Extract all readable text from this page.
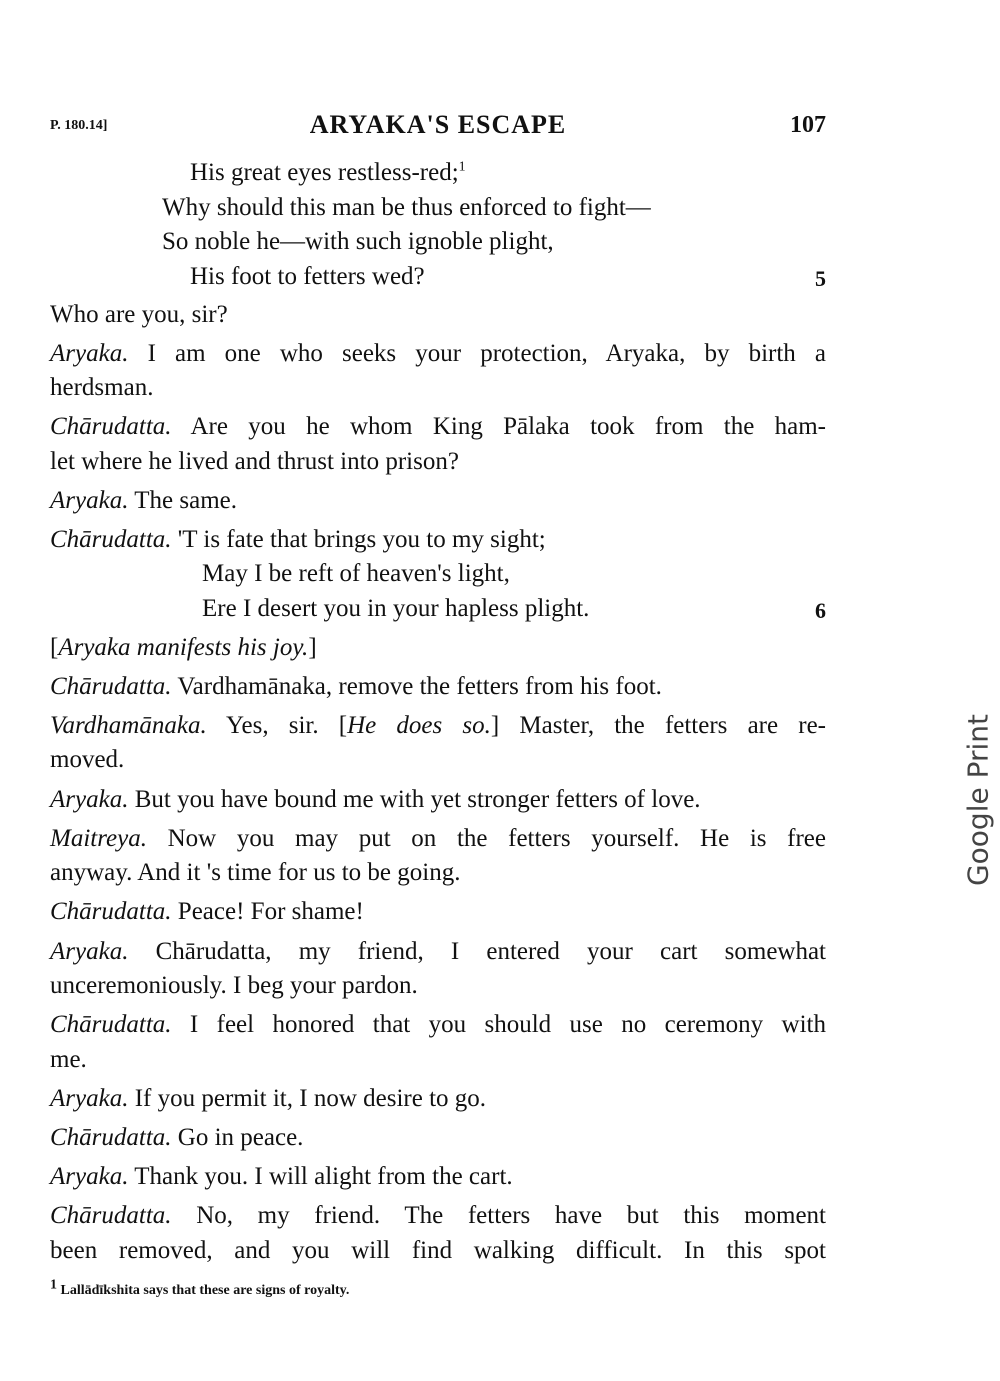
P. 180.14]	ARYAKA'S ESCAPE	107
His great eyes restless-red;$^1$
Why should this man be thus enforced to fight—
So noble he—with such ignoble plight,
His foot to fetters wed?	5
Who are you, sir?
Aryaka. I am one who seeks your protection, Aryaka, by birth a
herdsman.
Chārudatta. Are you he whom King Pālaka took from the ham-
let where he lived and thrust into prison?
Aryaka. The same.
Chārudatta. 'T is fate that brings you to my sight;
May I be reft of heaven's light,
Ere I desert you in your hapless plight.	6
[Aryaka manifests his joy.]
Chārudatta. Vardhamānaka, remove the fetters from his foot.
Vardhamānaka. Yes, sir. [He does so.] Master, the fetters are re-
moved.
Aryaka. But you have bound me with yet stronger fetters of love.
Maitreya. Now you may put on the fetters yourself. He is free
anyway. And it 's time for us to be going.
Chārudatta. Peace! For shame!
Aryaka. Chārudatta, my friend, I entered your cart somewhat
unceremoniously. I beg your pardon.
Chārudatta. I feel honored that you should use no ceremony with
me.
Aryaka. If you permit it, I now desire to go.
Chārudatta. Go in peace.
Aryaka. Thank you. I will alight from the cart.
Chārudatta. No, my friend. The fetters have but this moment
been removed, and you will find walking difficult. In this spot
$^1$ Lallādīkshita says that these are signs of royalty.
Google Print
